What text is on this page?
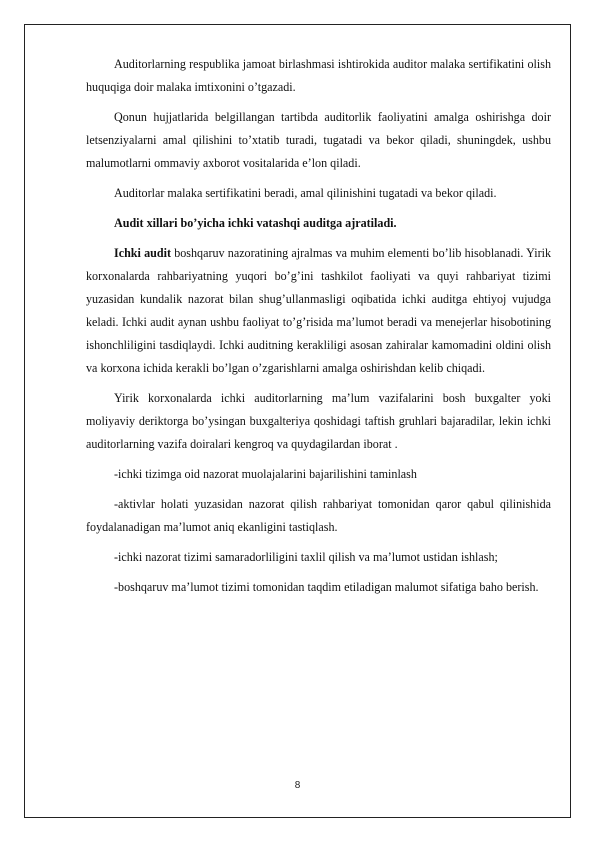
Auditorlarning respublika jamoat birlashmasi ishtirokida auditor malaka sertifikatini olish huquqiga doir malaka imtixonini o’tgazadi.

Qonun hujjatlarida belgillangan tartibda auditorlik faoliyatini amalga oshirishga doir letsenziyalarni amal qilishini to’xtatib turadi, tugatadi va bekor qiladi, shuningdek, ushbu malumotlarni ommaviy axborot vositalarida e’lon qiladi.

Auditorlar malaka sertifikatini beradi, amal qilinishini tugatadi va bekor qiladi.

Audit xillari bo’yicha ichki vatashqi auditga ajratiladi.

Ichki audit boshqaruv nazoratining ajralmas va muhim elementi bo’lib hisoblanadi. Yirik korxonalarda rahbariyatning yuqori bo’g’ini tashkilot faoliyati va quyi rahbariyat tizimi yuzasidan kundalik nazorat bilan shug’ullanmasligi oqibatida ichki auditga ehtiyoj vujudga keladi. Ichki audit aynan ushbu faoliyat to’g’risida ma’lumot beradi va menejerlar hisobotining ishonchliligini tasdiqlaydi. Ichki auditning kerakliligi asosan zahiralar kamomadini oldini olish va korxona ichida kerakli bo’lgan o’zgarishlarni amalga oshirishdan kelib chiqadi.

Yirik korxonalarda ichki auditorlarning ma’lum vazifalarini bosh buxgalter yoki moliyaviy deriktorga bo’ysingan buxgalteriya qoshidagi taftish gruhlari bajaradilar, lekin ichki auditorlarning vazifa doiralari kengroq va quydagilardan iborat .

-ichki tizimga oid nazorat muolajalarini bajarilishini taminlash

-aktivlar holati yuzasidan nazorat qilish rahbariyat tomonidan qaror qabul qilinishida foydalanadigan ma’lumot aniq ekanligini tastiqlash.

-ichki nazorat tizimi samaradorliligini taxlil qilish va ma’lumot ustidan ishlash;

-boshqaruv ma’lumot tizimi tomonidan taqdim etiladigan malumot sifatiga baho berish.

8
